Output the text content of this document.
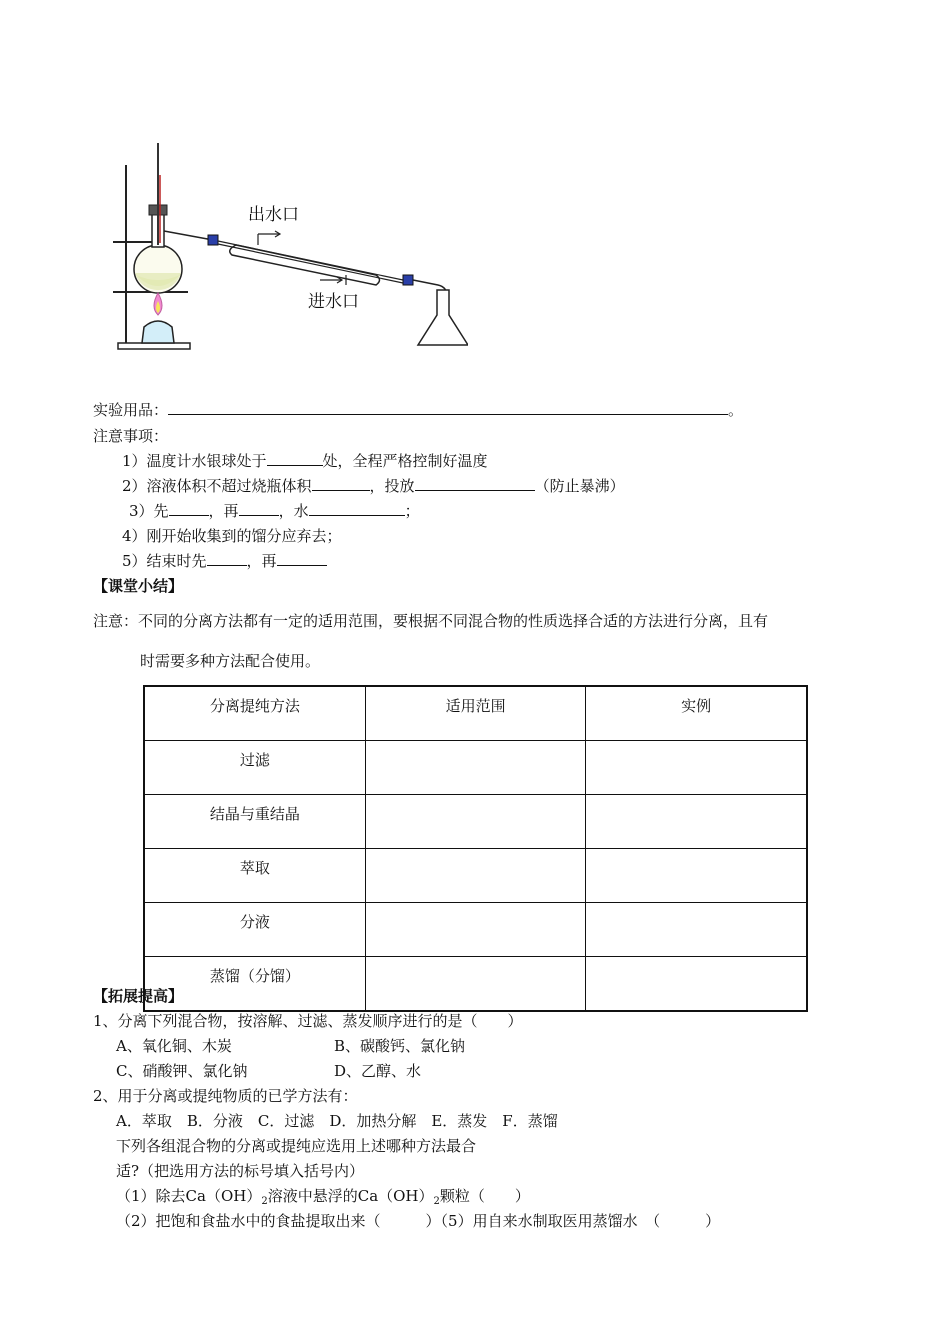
出水口
进水口
实验用品：	。
注意事项：
1）温度计水银球处于	处，全程严格控制好温度
2）溶液体积不超过烧瓶体积	，投放	（防止暴沸）
3）先	，再	，水	；
4）刚开始收集到的馏分应弃去；
5）结束时先	，再
【课堂小结】
注意：不同的分离方法都有一定的适用范围，要根据不同混合物的性质选择合适的方法进行分离，且有
时需要多种方法配合使用。
分离提纯方法	适用范围	实例
过滤		
结晶与重结晶		
萃取		
分液		
蒸馏（分馏）		
【拓展提高】
1、分离下列混合物，按溶解、过滤、蒸发顺序进行的是（　　）
A、氧化铜、木炭	B、碳酸钙、氯化钠
C、硝酸钾、氯化钠	D、乙醇、水
2、用于分离或提纯物质的已学方法有：
A．萃取　B．分液　C．过滤　D．加热分解　E．蒸发　F．蒸馏
下列各组混合物的分离或提纯应选用上述哪种方法最合
适?（把选用方法的标号填入括号内）
（1）除去$Ca(OH)_2$溶液中悬浮的$Ca(OH)_2$颗粒（　　）
（2）把饱和食盐水中的食盐提取出来（　　　）（5）用自来水制取医用蒸馏水　（　　　）
